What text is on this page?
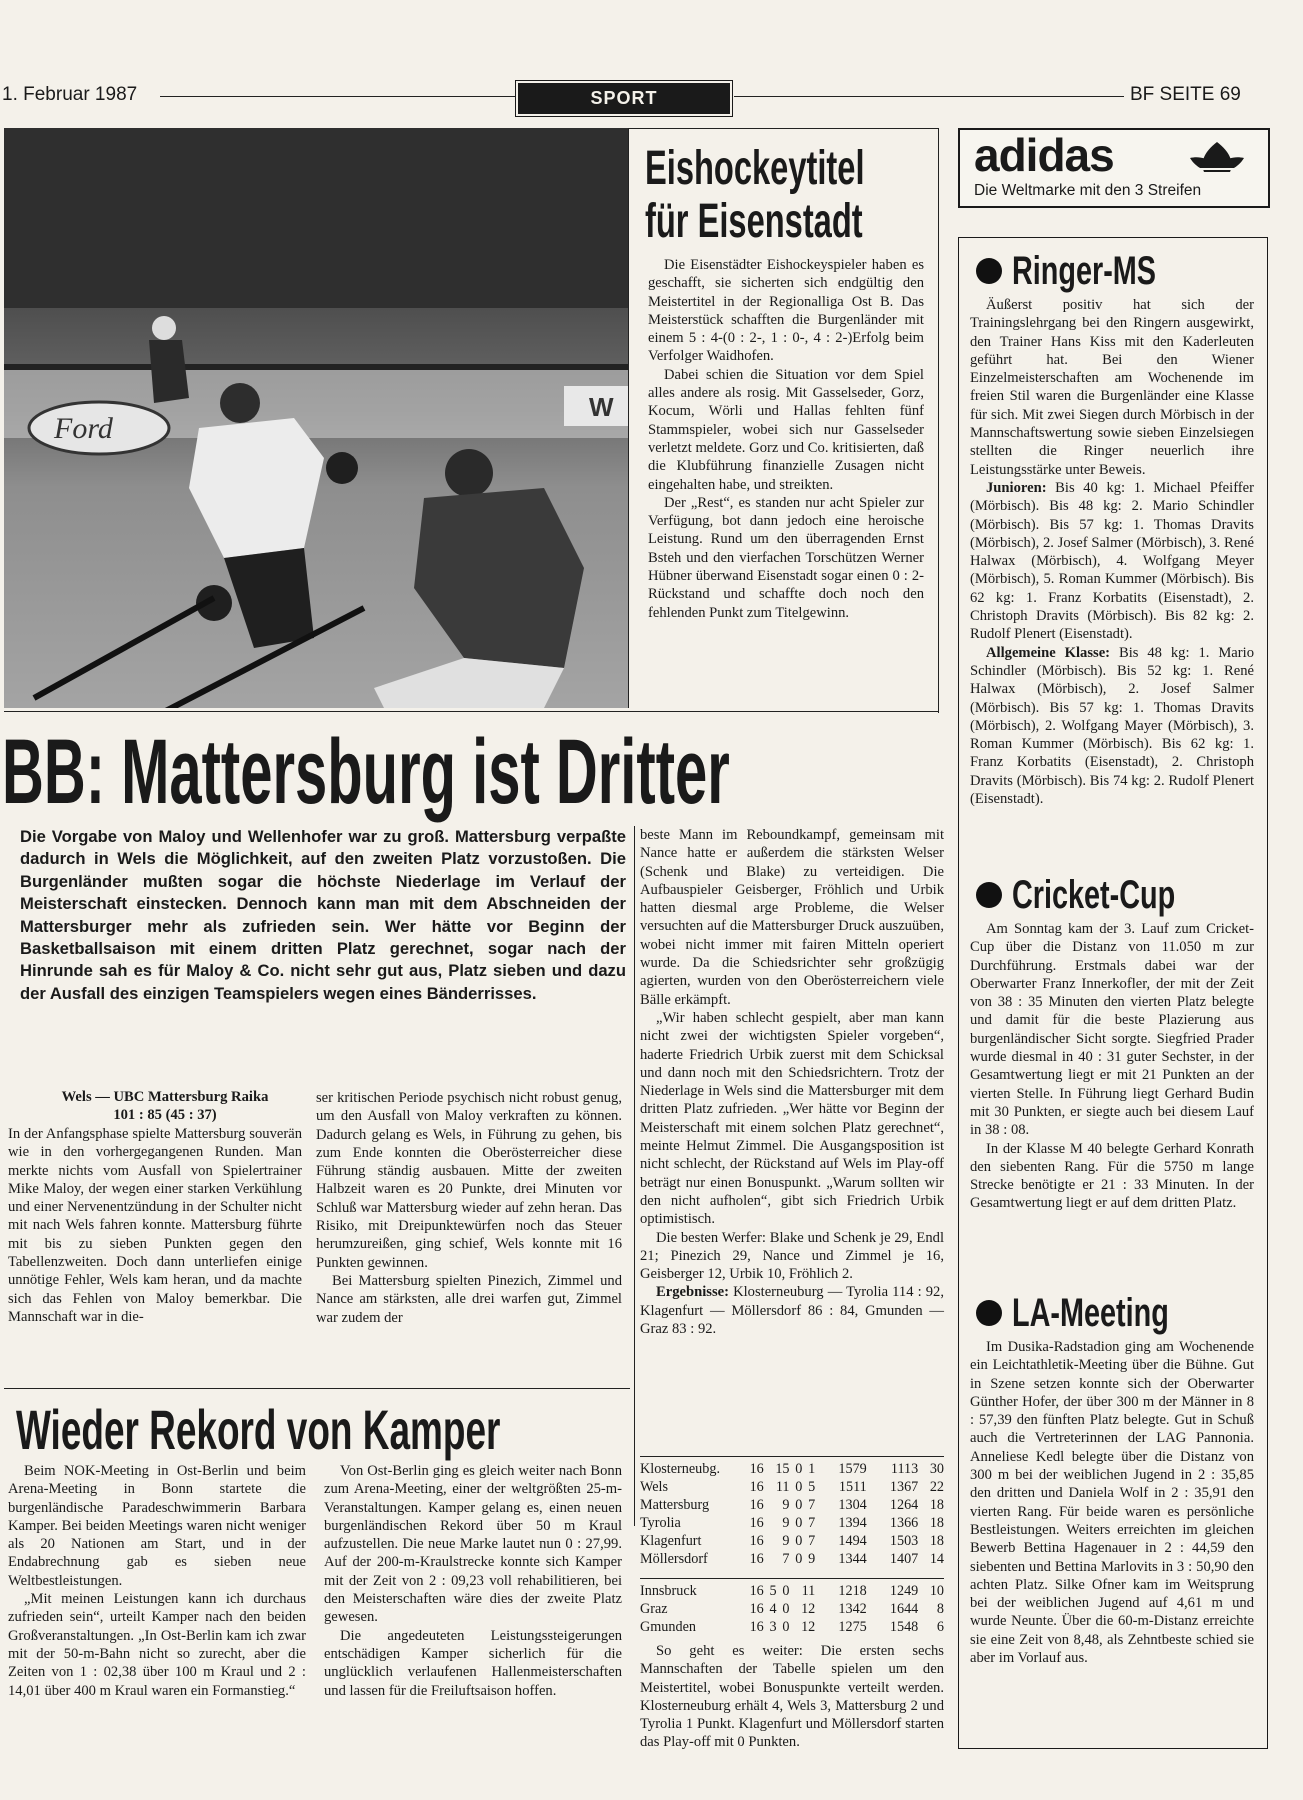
1. Februar 1987	SPORT	BF SEITE 69
Ford
W
Eishockeytitel
für Eisenstadt

Die Eisenstädter Eishockeyspieler haben es geschafft, sie sicherten sich endgültig den Meistertitel in der Regionalliga Ost B. Das Meisterstück schafften die Burgenländer mit einem 5 : 4-(0 : 2-, 1 : 0-, 4 : 2-)Erfolg beim Verfolger Waidhofen.

Dabei schien die Situation vor dem Spiel alles andere als rosig. Mit Gasselseder, Gorz, Kocum, Wörli und Hallas fehlten fünf Stammspieler, wobei sich nur Gasselseder verletzt meldete. Gorz und Co. kritisierten, daß die Klubführung finanzielle Zusagen nicht eingehalten habe, und streikten.

Der „Rest“, es standen nur acht Spieler zur Verfügung, bot dann jedoch eine heroische Leistung. Rund um den überragenden Ernst Bsteh und den vierfachen Torschützen Werner Hübner überwand Eisenstadt sogar einen 0 : 2-Rückstand und schaffte doch noch den fehlenden Punkt zum Titelgewinn.

adidas
Die Weltmarke mit den 3 Streifen
Ringer-MS

Äußerst positiv hat sich der Trainingslehrgang bei den Ringern ausgewirkt, den Trainer Hans Kiss mit den Kaderleuten geführt hat. Bei den Wiener Einzelmeisterschaften am Wochenende im freien Stil waren die Burgenländer eine Klasse für sich. Mit zwei Siegen durch Mörbisch in der Mannschaftswertung sowie sieben Einzelsiegen stellten die Ringer neuerlich ihre Leistungsstärke unter Beweis.

Junioren: Bis 40 kg: 1. Michael Pfeiffer (Mörbisch). Bis 48 kg: 2. Mario Schindler (Mörbisch). Bis 57 kg: 1. Thomas Dravits (Mörbisch), 2. Josef Salmer (Mörbisch), 3. René Halwax (Mörbisch), 4. Wolfgang Meyer (Mörbisch), 5. Roman Kummer (Mörbisch). Bis 62 kg: 1. Franz Korbatits (Eisenstadt), 2. Christoph Dravits (Mörbisch). Bis 82 kg: 2. Rudolf Plenert (Eisenstadt).

Allgemeine Klasse: Bis 48 kg: 1. Mario Schindler (Mörbisch). Bis 52 kg: 1. René Halwax (Mörbisch), 2. Josef Salmer (Mörbisch). Bis 57 kg: 1. Thomas Dravits (Mörbisch), 2. Wolfgang Mayer (Mörbisch), 3. Roman Kummer (Mörbisch). Bis 62 kg: 1. Franz Korbatits (Eisenstadt), 2. Christoph Dravits (Mörbisch). Bis 74 kg: 2. Rudolf Plenert (Eisenstadt).

Cricket-Cup

Am Sonntag kam der 3. Lauf zum Cricket-Cup über die Distanz von 11.050 m zur Durchführung. Erstmals dabei war der Oberwarter Franz Innerkofler, der mit der Zeit von 38 : 35 Minuten den vierten Platz belegte und damit für die beste Plazierung aus burgenländischer Sicht sorgte. Siegfried Prader wurde diesmal in 40 : 31 guter Sechster, in der Gesamtwertung liegt er mit 21 Punkten an der vierten Stelle. In Führung liegt Gerhard Budin mit 30 Punkten, er siegte auch bei diesem Lauf in 38 : 08.

In der Klasse M 40 belegte Gerhard Konrath den siebenten Rang. Für die 5750 m lange Strecke benötigte er 21 : 33 Minuten. In der Gesamtwertung liegt er auf dem dritten Platz.

LA-Meeting

Im Dusika-Radstadion ging am Wochenende ein Leichtathletik-Meeting über die Bühne. Gut in Szene setzen konnte sich der Oberwarter Günther Hofer, der über 300 m der Männer in 8 : 57,39 den fünften Platz belegte. Gut in Schuß auch die Vertreterinnen der LAG Pannonia. Anneliese Kedl belegte über die Distanz von 300 m bei der weiblichen Jugend in 2 : 35,85 den dritten und Daniela Wolf in 2 : 35,91 den vierten Rang. Für beide waren es persönliche Bestleistungen. Weiters erreichten im gleichen Bewerb Bettina Hagenauer in 2 : 44,59 den siebenten und Bettina Marlovits in 3 : 50,90 den achten Platz. Silke Ofner kam im Weitsprung bei der weiblichen Jugend auf 4,61 m und wurde Neunte. Über die 60-m-Distanz erreichte sie eine Zeit von 8,48, als Zehntbeste schied sie aber im Vorlauf aus.

BB: Mattersburg ist Dritter
Die Vorgabe von Maloy und Wellenhofer war zu groß. Mattersburg verpaßte dadurch in Wels die Möglichkeit, auf den zweiten Platz vorzustoßen. Die Burgenländer mußten sogar die höchste Niederlage im Verlauf der Meisterschaft einstecken. Dennoch kann man mit dem Abschneiden der Mattersburger mehr als zufrieden sein. Wer hätte vor Beginn der Basketballsaison mit einem dritten Platz gerechnet, sogar nach der Hinrunde sah es für Maloy & Co. nicht sehr gut aus, Platz sieben und dazu der Ausfall des einzigen Teamspielers wegen eines Bänderrisses.
Wels — UBC Mattersburg Raika
101 : 85 (45 : 37)

In der Anfangsphase spielte Mattersburg souverän wie in den vorhergegangenen Runden. Man merkte nichts vom Ausfall von Spielertrainer Mike Maloy, der wegen einer starken Verkühlung und einer Nervenentzündung in der Schulter nicht mit nach Wels fahren konnte. Mattersburg führte mit bis zu sieben Punkten gegen den Tabellenzweiten. Doch dann unterliefen einige unnötige Fehler, Wels kam heran, und da machte sich das Fehlen von Maloy bemerkbar. Die Mannschaft war in die-

ser kritischen Periode psychisch nicht robust genug, um den Ausfall von Maloy verkraften zu können. Dadurch gelang es Wels, in Führung zu gehen, bis zum Ende konnten die Oberösterreicher diese Führung ständig ausbauen. Mitte der zweiten Halbzeit waren es 20 Punkte, drei Minuten vor Schluß war Mattersburg wieder auf zehn heran. Das Risiko, mit Dreipunktewürfen noch das Steuer herumzureißen, ging schief, Wels konnte mit 16 Punkten gewinnen.

Bei Mattersburg spielten Pinezich, Zimmel und Nance am stärksten, alle drei warfen gut, Zimmel war zudem der

beste Mann im Reboundkampf, gemeinsam mit Nance hatte er außerdem die stärksten Welser (Schenk und Blake) zu verteidigen. Die Aufbauspieler Geisberger, Fröhlich und Urbik hatten diesmal arge Probleme, die Welser versuchten auf die Mattersburger Druck auszuüben, wobei nicht immer mit fairen Mitteln operiert wurde. Da die Schiedsrichter sehr großzügig agierten, wurden von den Oberösterreichern viele Bälle erkämpft.

„Wir haben schlecht gespielt, aber man kann nicht zwei der wichtigsten Spieler vorgeben“, haderte Friedrich Urbik zuerst mit dem Schicksal und dann noch mit den Schiedsrichtern. Trotz der Niederlage in Wels sind die Mattersburger mit dem dritten Platz zufrieden. „Wer hätte vor Beginn der Meisterschaft mit einem solchen Platz gerechnet“, meinte Helmut Zimmel. Die Ausgangsposition ist nicht schlecht, der Rückstand auf Wels im Play-off beträgt nur einen Bonuspunkt. „Warum sollten wir den nicht aufholen“, gibt sich Friedrich Urbik optimistisch.

Die besten Werfer: Blake und Schenk je 29, Endl 21; Pinezich 29, Nance und Zimmel je 16, Geisberger 12, Urbik 10, Fröhlich 2.

Ergebnisse: Klosterneuburg — Tyrolia 114 : 92, Klagenfurt — Möllersdorf 86 : 84, Gmunden — Graz 83 : 92.

Klosterneubg.	16	15	0	1	1579	1113	30
Wels	16	11	0	5	1511	1367	22
Mattersburg	16	9	0	7	1304	1264	18
Tyrolia	16	9	0	7	1394	1366	18
Klagenfurt	16	9	0	7	1494	1503	18
Möllersdorf	16	7	0	9	1344	1407	14
Innsbruck	16	5	0	11	1218	1249	10
Graz	16	4	0	12	1342	1644	8
Gmunden	16	3	0	12	1275	1548	6

So geht es weiter: Die ersten sechs Mannschaften der Tabelle spielen um den Meistertitel, wobei Bonuspunkte verteilt werden. Klosterneuburg erhält 4, Wels 3, Mattersburg 2 und Tyrolia 1 Punkt. Klagenfurt und Möllersdorf starten das Play-off mit 0 Punkten.

Wieder Rekord von Kamper

Beim NOK-Meeting in Ost-Berlin und beim Arena-Meeting in Bonn startete die burgenländische Paradeschwimmerin Barbara Kamper. Bei beiden Meetings waren nicht weniger als 20 Nationen am Start, und in der Endabrechnung gab es sieben neue Weltbestleistungen.

„Mit meinen Leistungen kann ich durchaus zufrieden sein“, urteilt Kamper nach den beiden Großveranstaltungen. „In Ost-Berlin kam ich zwar mit der 50-m-Bahn nicht so zurecht, aber die Zeiten von 1 : 02,38 über 100 m Kraul und 2 : 14,01 über 400 m Kraul waren ein Formanstieg.“

Von Ost-Berlin ging es gleich weiter nach Bonn zum Arena-Meeting, einer der weltgrößten 25-m-Veranstaltungen. Kamper gelang es, einen neuen burgenländischen Rekord über 50 m Kraul aufzustellen. Die neue Marke lautet nun 0 : 27,99. Auf der 200-m-Kraulstrecke konnte sich Kamper mit der Zeit von 2 : 09,23 voll rehabilitieren, bei den Meisterschaften wäre dies der zweite Platz gewesen.

Die angedeuteten Leistungssteigerungen entschädigen Kamper sicherlich für die unglücklich verlaufenen Hallenmeisterschaften und lassen für die Freiluftsaison hoffen.
